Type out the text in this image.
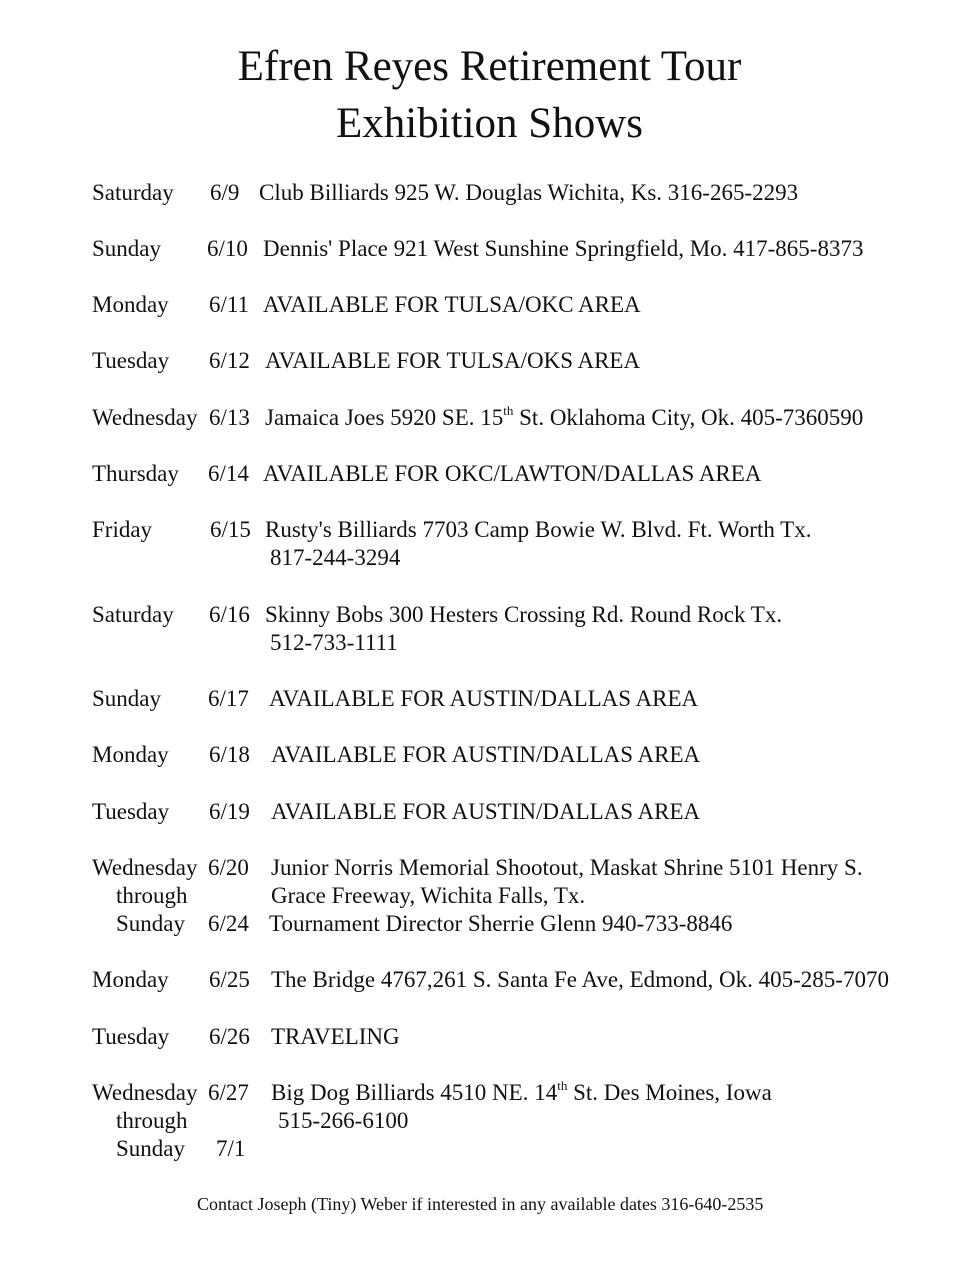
Efren Reyes Retirement Tour
Exhibition Shows
Saturday 6/9 Club Billiards 925 W. Douglas Wichita, Ks. 316-265-2293
Sunday 6/10 Dennis' Place 921 West Sunshine Springfield, Mo. 417-865-8373
Monday 6/11 AVAILABLE FOR TULSA/OKC AREA
Tuesday 6/12 AVAILABLE FOR TULSA/OKS AREA
Wednesday 6/13 Jamaica Joes 5920 SE. 15th St. Oklahoma City, Ok. 405-7360590
Thursday 6/14 AVAILABLE FOR OKC/LAWTON/DALLAS AREA
Friday	6/15 Rusty's Billiards 7703 Camp Bowie W. Blvd. Ft. Worth Tx.
817-244-3294
Saturday 6/16 Skinny Bobs 300 Hesters Crossing Rd. Round Rock Tx.
512-733-1111
Sunday 6/17 AVAILABLE FOR AUSTIN/DALLAS AREA
Monday 6/18 AVAILABLE FOR AUSTIN/DALLAS AREA
Tuesday 6/19 AVAILABLE FOR AUSTIN/DALLAS AREA
Wednesday 6/20 Junior Norris Memorial Shootout, Maskat Shrine 5101 Henry S.
through	Grace Freeway, Wichita Falls, Tx.
Sunday 6/24 Tournament Director Sherrie Glenn 940-733-8846
Monday 6/25 The Bridge 4767,261 S. Santa Fe Ave, Edmond, Ok. 405-285-7070
Tuesday 6/26 TRAVELING
Wednesday 6/27 Big Dog Billiards 4510 NE. 14th St. Des Moines, Iowa
through	515-266-6100
Sunday 7/1
Contact Joseph (Tiny) Weber if interested in any available dates 316-640-2535
